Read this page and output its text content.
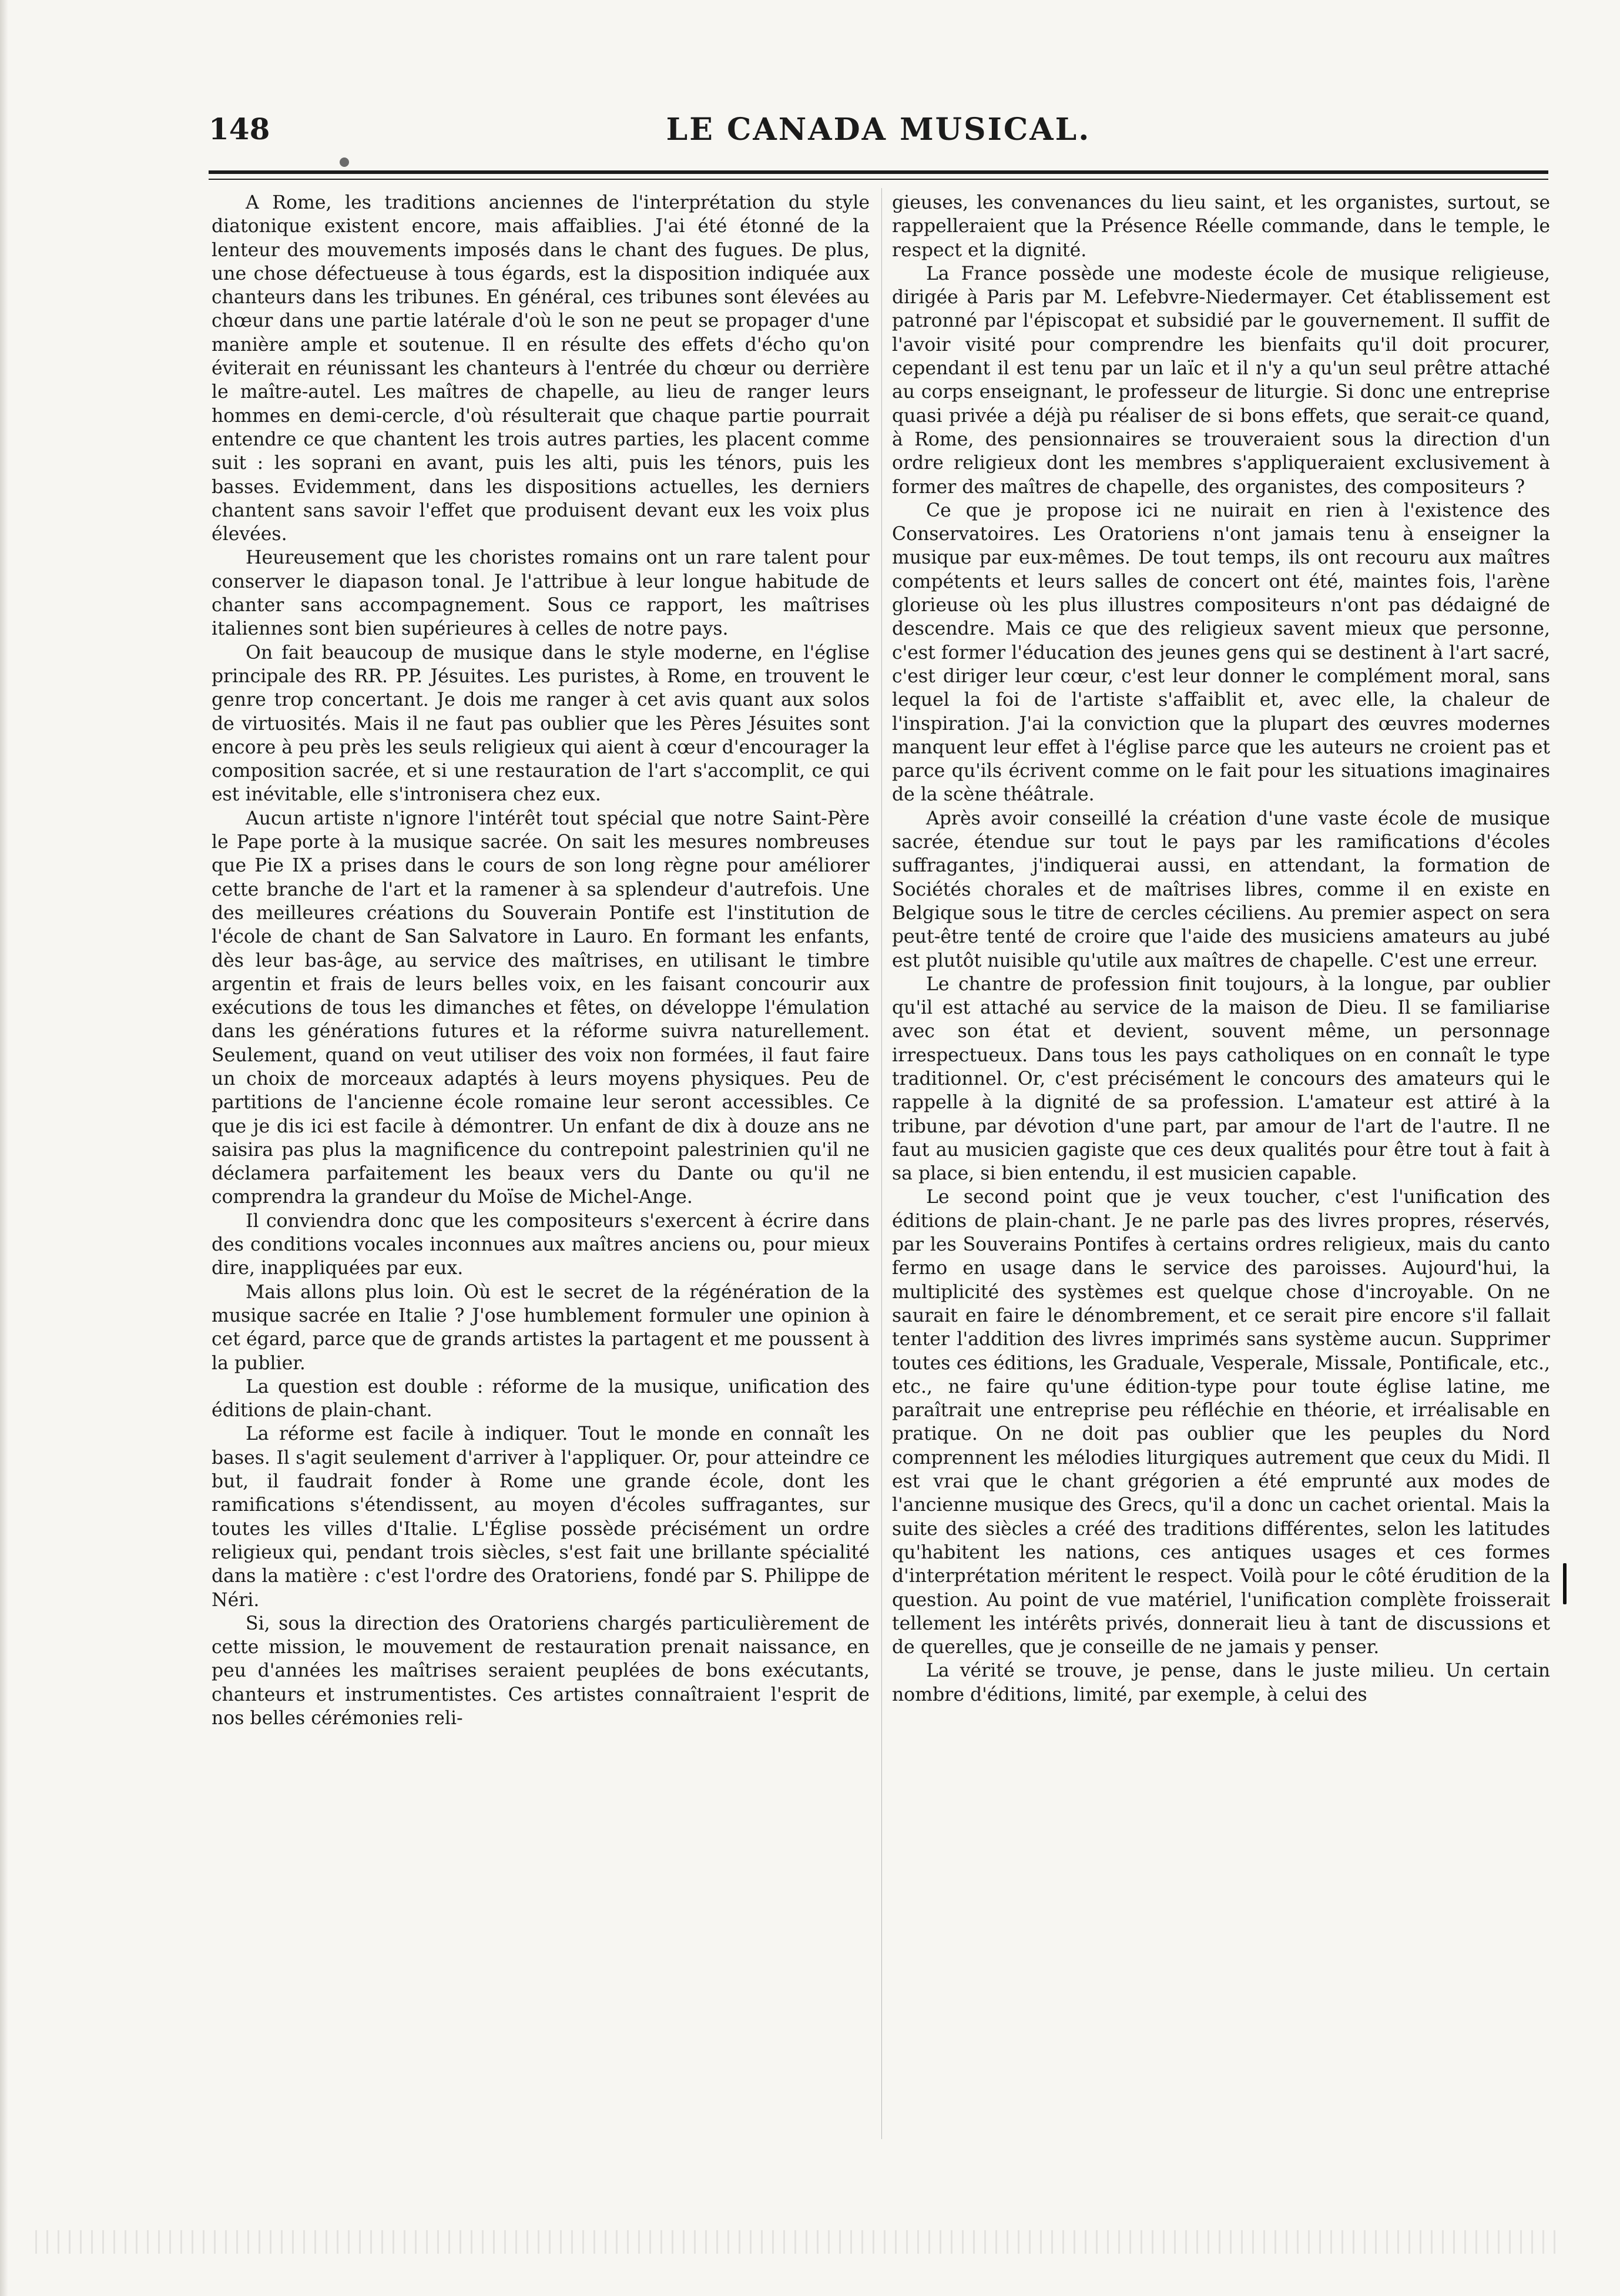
148	LE CANADA MUSICAL.

A Rome, les traditions anciennes de l'interprétation du style diatonique existent encore, mais affaiblies. J'ai été étonné de la lenteur des mouvements imposés dans le chant des fugues. De plus, une chose défectueuse à tous égards, est la disposition indiquée aux chanteurs dans les tribunes. En général, ces tribunes sont élevées au chœur dans une partie latérale d'où le son ne peut se propager d'une manière ample et soutenue. Il en résulte des effets d'écho qu'on éviterait en réunissant les chanteurs à l'entrée du chœur ou derrière le maître-autel. Les maîtres de chapelle, au lieu de ranger leurs hommes en demi-cercle, d'où résulterait que chaque partie pourrait entendre ce que chantent les trois autres parties, les placent comme suit : les soprani en avant, puis les alti, puis les ténors, puis les basses. Evidemment, dans les dispositions actuelles, les derniers chantent sans savoir l'effet que produisent devant eux les voix plus élevées.

Heureusement que les choristes romains ont un rare talent pour conserver le diapason tonal. Je l'attribue à leur longue habitude de chanter sans accompagnement. Sous ce rapport, les maîtrises italiennes sont bien supérieures à celles de notre pays.

On fait beaucoup de musique dans le style moderne, en l'église principale des RR. PP. Jésuites. Les puristes, à Rome, en trouvent le genre trop concertant. Je dois me ranger à cet avis quant aux solos de virtuosités. Mais il ne faut pas oublier que les Pères Jésuites sont encore à peu près les seuls religieux qui aient à cœur d'encourager la composition sacrée, et si une restauration de l'art s'accomplit, ce qui est inévitable, elle s'intronisera chez eux.

Aucun artiste n'ignore l'intérêt tout spécial que notre Saint-Père le Pape porte à la musique sacrée. On sait les mesures nombreuses que Pie IX a prises dans le cours de son long règne pour améliorer cette branche de l'art et la ramener à sa splendeur d'autrefois. Une des meilleures créations du Souverain Pontife est l'institution de l'école de chant de San Salvatore in Lauro. En formant les enfants, dès leur bas-âge, au service des maîtrises, en utilisant le timbre argentin et frais de leurs belles voix, en les faisant concourir aux exécutions de tous les dimanches et fêtes, on développe l'émulation dans les générations futures et la réforme suivra naturellement. Seulement, quand on veut utiliser des voix non formées, il faut faire un choix de morceaux adaptés à leurs moyens physiques. Peu de partitions de l'ancienne école romaine leur seront accessibles. Ce que je dis ici est facile à démontrer. Un enfant de dix à douze ans ne saisira pas plus la magnificence du contrepoint palestrinien qu'il ne déclamera parfaitement les beaux vers du Dante ou qu'il ne comprendra la grandeur du Moïse de Michel-Ange.

Il conviendra donc que les compositeurs s'exercent à écrire dans des conditions vocales inconnues aux maîtres anciens ou, pour mieux dire, inappliquées par eux.

Mais allons plus loin. Où est le secret de la régénération de la musique sacrée en Italie ? J'ose humblement formuler une opinion à cet égard, parce que de grands artistes la partagent et me poussent à la publier.

La question est double : réforme de la musique, unification des éditions de plain-chant.

La réforme est facile à indiquer. Tout le monde en connaît les bases. Il s'agit seulement d'arriver à l'appliquer. Or, pour atteindre ce but, il faudrait fonder à Rome une grande école, dont les ramifications s'étendissent, au moyen d'écoles suffragantes, sur toutes les villes d'Italie. L'Église possède précisément un ordre religieux qui, pendant trois siècles, s'est fait une brillante spécialité dans la matière : c'est l'ordre des Oratoriens, fondé par S. Philippe de Néri.

Si, sous la direction des Oratoriens chargés particulièrement de cette mission, le mouvement de restauration prenait naissance, en peu d'années les maîtrises seraient peuplées de bons exécutants, chanteurs et instrumentistes. Ces artistes connaîtraient l'esprit de nos belles cérémonies reli-

gieuses, les convenances du lieu saint, et les organistes, surtout, se rappelleraient que la Présence Réelle commande, dans le temple, le respect et la dignité.

La France possède une modeste école de musique religieuse, dirigée à Paris par M. Lefebvre-Niedermayer. Cet établissement est patronné par l'épiscopat et subsidié par le gouvernement. Il suffit de l'avoir visité pour comprendre les bienfaits qu'il doit procurer, cependant il est tenu par un laïc et il n'y a qu'un seul prêtre attaché au corps enseignant, le professeur de liturgie. Si donc une entreprise quasi privée a déjà pu réaliser de si bons effets, que serait-ce quand, à Rome, des pensionnaires se trouveraient sous la direction d'un ordre religieux dont les membres s'appliqueraient exclusivement à former des maîtres de chapelle, des organistes, des compositeurs ?

Ce que je propose ici ne nuirait en rien à l'existence des Conservatoires. Les Oratoriens n'ont jamais tenu à enseigner la musique par eux-mêmes. De tout temps, ils ont recouru aux maîtres compétents et leurs salles de concert ont été, maintes fois, l'arène glorieuse où les plus illustres compositeurs n'ont pas dédaigné de descendre. Mais ce que des religieux savent mieux que personne, c'est former l'éducation des jeunes gens qui se destinent à l'art sacré, c'est diriger leur cœur, c'est leur donner le complément moral, sans lequel la foi de l'artiste s'affaiblit et, avec elle, la chaleur de l'inspiration. J'ai la conviction que la plupart des œuvres modernes manquent leur effet à l'église parce que les auteurs ne croient pas et parce qu'ils écrivent comme on le fait pour les situations imaginaires de la scène théâtrale.

Après avoir conseillé la création d'une vaste école de musique sacrée, étendue sur tout le pays par les ramifications d'écoles suffragantes, j'indiquerai aussi, en attendant, la formation de Sociétés chorales et de maîtrises libres, comme il en existe en Belgique sous le titre de cercles céciliens. Au premier aspect on sera peut-être tenté de croire que l'aide des musiciens amateurs au jubé est plutôt nuisible qu'utile aux maîtres de chapelle. C'est une erreur.

Le chantre de profession finit toujours, à la longue, par oublier qu'il est attaché au service de la maison de Dieu. Il se familiarise avec son état et devient, souvent même, un personnage irrespectueux. Dans tous les pays catholiques on en connaît le type traditionnel. Or, c'est précisément le concours des amateurs qui le rappelle à la dignité de sa profession. L'amateur est attiré à la tribune, par dévotion d'une part, par amour de l'art de l'autre. Il ne faut au musicien gagiste que ces deux qualités pour être tout à fait à sa place, si bien entendu, il est musicien capable.

Le second point que je veux toucher, c'est l'unification des éditions de plain-chant. Je ne parle pas des livres propres, réservés, par les Souverains Pontifes à certains ordres religieux, mais du canto fermo en usage dans le service des paroisses. Aujourd'hui, la multiplicité des systèmes est quelque chose d'incroyable. On ne saurait en faire le dénombrement, et ce serait pire encore s'il fallait tenter l'addition des livres imprimés sans système aucun. Supprimer toutes ces éditions, les Graduale, Vesperale, Missale, Pontificale, etc., etc., ne faire qu'une édition-type pour toute église latine, me paraîtrait une entreprise peu réfléchie en théorie, et irréalisable en pratique. On ne doit pas oublier que les peuples du Nord comprennent les mélodies liturgiques autrement que ceux du Midi. Il est vrai que le chant grégorien a été emprunté aux modes de l'ancienne musique des Grecs, qu'il a donc un cachet oriental. Mais la suite des siècles a créé des traditions différentes, selon les latitudes qu'habitent les nations, ces antiques usages et ces formes d'interprétation méritent le respect. Voilà pour le côté érudition de la question. Au point de vue matériel, l'unification complète froisserait tellement les intérêts privés, donnerait lieu à tant de discussions et de querelles, que je conseille de ne jamais y penser.

La vérité se trouve, je pense, dans le juste milieu. Un certain nombre d'éditions, limité, par exemple, à celui des
